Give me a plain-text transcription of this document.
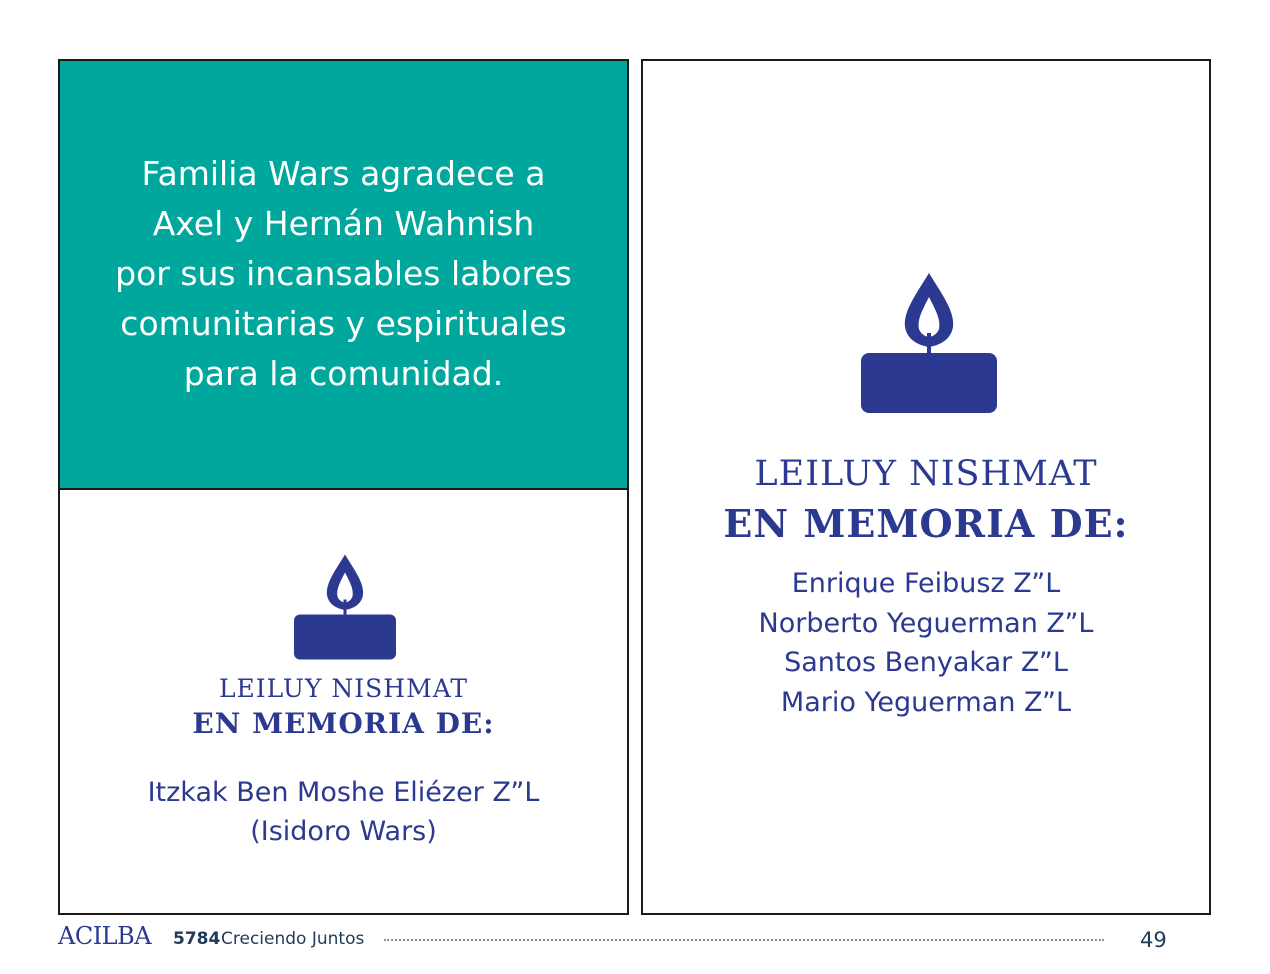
Familia Wars agradece a
Axel y Hernán Wahnish
por sus incansables labores
comunitarias y espirituales
para la comunidad.
LEILUY NISHMAT
EN MEMORIA DE:
Itzkak Ben Moshe Eliézer Z”L
(Isidoro Wars)
LEILUY NISHMAT
EN MEMORIA DE:
Enrique Feibusz Z”L
Norberto Yeguerman Z”L
Santos Benyakar Z”L
Mario Yeguerman Z”L
ACILBA 5784 Creciendo Juntos	49
